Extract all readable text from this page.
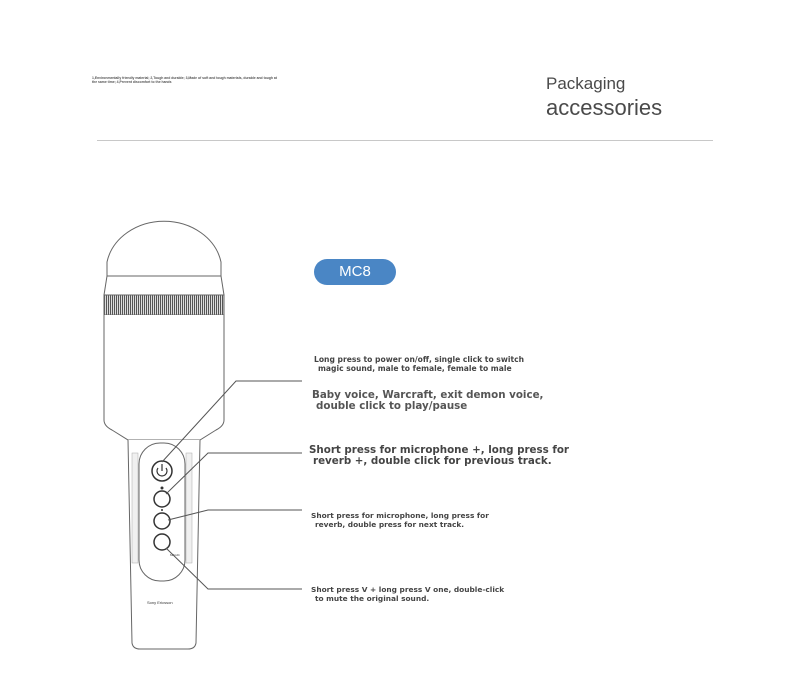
1,Environmentally friendly material; 2,Tough and durable; 3,Made of soft and tough materials, durable and tough at the same time; 4,Prevent discomfort to the hands	Packaging
accessories
MC8
MAGIC
Sony Ericsson
Long press to power on/off, single click to switch
magic sound, male to female, female to male
Baby voice, Warcraft, exit demon voice,
double click to play/pause
Short press for microphone +, long press for
reverb +, double click for previous track.
Short press for microphone, long press for
reverb, double press for next track.
Short press V + long press V one, double-click
to mute the original sound.
